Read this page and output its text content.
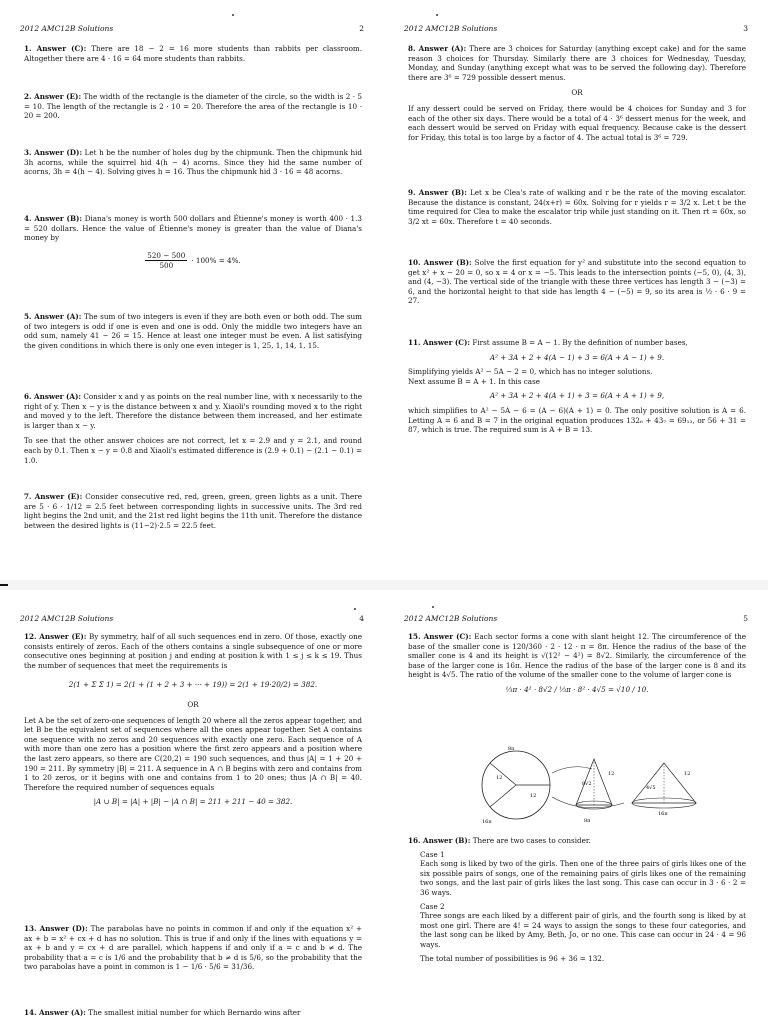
2012 AMC12B Solutions	2

1. Answer (C): There are 18 − 2 = 16 more students than rabbits per classroom. Altogether there are 4 · 16 = 64 more students than rabbits.

2. Answer (E): The width of the rectangle is the diameter of the circle, so the width is 2 · 5 = 10. The length of the rectangle is 2 · 10 = 20. Therefore the area of the rectangle is 10 · 20 = 200.

3. Answer (D): Let h be the number of holes dug by the chipmunk. Then the chipmunk hid 3h acorns, while the squirrel hid 4(h − 4) acorns. Since they hid the same number of acorns, 3h = 4(h − 4). Solving gives h = 16. Thus the chipmunk hid 3 · 16 = 48 acorns.

4. Answer (B): Diana's money is worth 500 dollars and Étienne's money is worth 400 · 1.3 = 520 dollars. Hence the value of Étienne's money is greater than the value of Diana's money by

$\frac{520 - 500}{500} \cdot 100\% = 4\%$.

5. Answer (A): The sum of two integers is even if they are both even or both odd. The sum of two integers is odd if one is even and one is odd. Only the middle two integers have an odd sum, namely 41 − 26 = 15. Hence at least one integer must be even. A list satisfying the given conditions in which there is only one even integer is 1, 25, 1, 14, 1, 15.

6. Answer (A): Consider x and y as points on the real number line, with x necessarily to the right of y. Then x − y is the distance between x and y. Xiaoli's rounding moved x to the right and moved y to the left. Therefore the distance between them increased, and her estimate is larger than x − y.

To see that the other answer choices are not correct, let x = 2.9 and y = 2.1, and round each by 0.1. Then x − y = 0.8 and Xiaoli's estimated difference is (2.9 + 0.1) − (2.1 − 0.1) = 1.0.

7. Answer (E): Consider consecutive red, red, green, green, green lights as a unit. There are 5 · 6 · 1/12 = 2.5 feet between corresponding lights in successive units. The 3rd red light begins the 2nd unit, and the 21st red light begins the 11th unit. Therefore the distance between the desired lights is (11−2)·2.5 = 22.5 feet.

2012 AMC12B Solutions	3

8. Answer (A): There are 3 choices for Saturday (anything except cake) and for the same reason 3 choices for Thursday. Similarly there are 3 choices for Wednesday, Tuesday, Monday, and Sunday (anything except what was to be served the following day). Therefore there are 3⁶ = 729 possible dessert menus.

OR

If any dessert could be served on Friday, there would be 4 choices for Sunday and 3 for each of the other six days. There would be a total of 4 · 3⁶ dessert menus for the week, and each dessert would be served on Friday with equal frequency. Because cake is the dessert for Friday, this total is too large by a factor of 4. The actual total is 3⁶ = 729.

9. Answer (B): Let x be Clea's rate of walking and r be the rate of the moving escalator. Because the distance is constant, 24(x+r) = 60x. Solving for r yields r = 3/2 x. Let t be the time required for Clea to make the escalator trip while just standing on it. Then rt = 60x, so 3/2 xt = 60x. Therefore t = 40 seconds.

10. Answer (B): Solve the first equation for y² and substitute into the second equation to get x² + x − 20 = 0, so x = 4 or x = −5. This leads to the intersection points (−5, 0), (4, 3), and (4, −3). The vertical side of the triangle with these three vertices has length 3 − (−3) = 6, and the horizontal height to that side has length 4 − (−5) = 9, so its area is ½ · 6 · 9 = 27.

11. Answer (C): First assume B = A − 1. By the definition of number bases,

A² + 3A + 2 + 4(A − 1) + 3 = 6(A + A − 1) + 9.

Simplifying yields A² − 5A − 2 = 0, which has no integer solutions.

Next assume B = A + 1. In this case

A² + 3A + 2 + 4(A + 1) + 3 = 6(A + A + 1) + 9,

which simplifies to A² − 5A − 6 = (A − 6)(A + 1) = 0. The only positive solution is A = 6. Letting A = 6 and B = 7 in the original equation produces 132₆ + 43₇ = 69₁₃, or 56 + 31 = 87, which is true. The required sum is A + B = 13.

2012 AMC12B Solutions	4

12. Answer (E): By symmetry, half of all such sequences end in zero. Of those, exactly one consists entirely of zeros. Each of the others contains a single subsequence of one or more consecutive ones beginning at position j and ending at position k with 1 ≤ j ≤ k ≤ 19. Thus the number of sequences that meet the requirements is

2(1 + Σ Σ 1) = 2(1 + (1 + 2 + 3 + ··· + 19)) = 2(1 + 19·20/2) = 382.

OR

Let A be the set of zero-one sequences of length 20 where all the zeros appear together, and let B be the equivalent set of sequences where all the ones appear together. Set A contains one sequence with no zeros and 20 sequences with exactly one zero. Each sequence of A with more than one zero has a position where the first zero appears and a position where the last zero appears, so there are C(20,2) = 190 such sequences, and thus |A| = 1 + 20 + 190 = 211. By symmetry |B| = 211. A sequence in A ∩ B begins with zero and contains from 1 to 20 zeros, or it begins with one and contains from 1 to 20 ones; thus |A ∩ B| = 40. Therefore the required number of sequences equals

|A ∪ B| = |A| + |B| − |A ∩ B| = 211 + 211 − 40 = 382.

13. Answer (D): The parabolas have no points in common if and only if the equation x² + ax + b = x² + cx + d has no solution. This is true if and only if the lines with equations y = ax + b and y = cx + d are parallel, which happens if and only if a = c and b ≠ d. The probability that a = c is 1/6 and the probability that b ≠ d is 5/6, so the probability that the two parabolas have a point in common is 1 − 1/6 · 5/6 = 31/36.

14. Answer (A): The smallest initial number for which Bernardo wins after

2012 AMC12B Solutions	5

15. Answer (C): Each sector forms a cone with slant height 12. The circumference of the base of the smaller cone is 120/360 · 2 · 12 · π = 8π. Hence the radius of the base of the smaller cone is 4 and its height is √(12² − 4²) = 8√2. Similarly, the circumference of the base of the larger cone is 16π. Hence the radius of the base of the larger cone is 8 and its height is 4√5. The ratio of the volume of the smaller cone to the volume of larger cone is

⅓π · 4² · 8√2 / ⅓π · 8² · 4√5 = √10 / 10.

8π
12
12
16π	8π
8√2
12
4√5
12
16π

16. Answer (B): There are two cases to consider.

Case 1

Each song is liked by two of the girls. Then one of the three pairs of girls likes one of the six possible pairs of songs, one of the remaining pairs of girls likes one of the remaining two songs, and the last pair of girls likes the last song. This case can occur in 3 · 6 · 2 = 36 ways.

Case 2

Three songs are each liked by a different pair of girls, and the fourth song is liked by at most one girl. There are 4! = 24 ways to assign the songs to these four categories, and the last song can be liked by Amy, Beth, Jo, or no one. This case can occur in 24 · 4 = 96 ways.

The total number of possibilities is 96 + 36 = 132.
